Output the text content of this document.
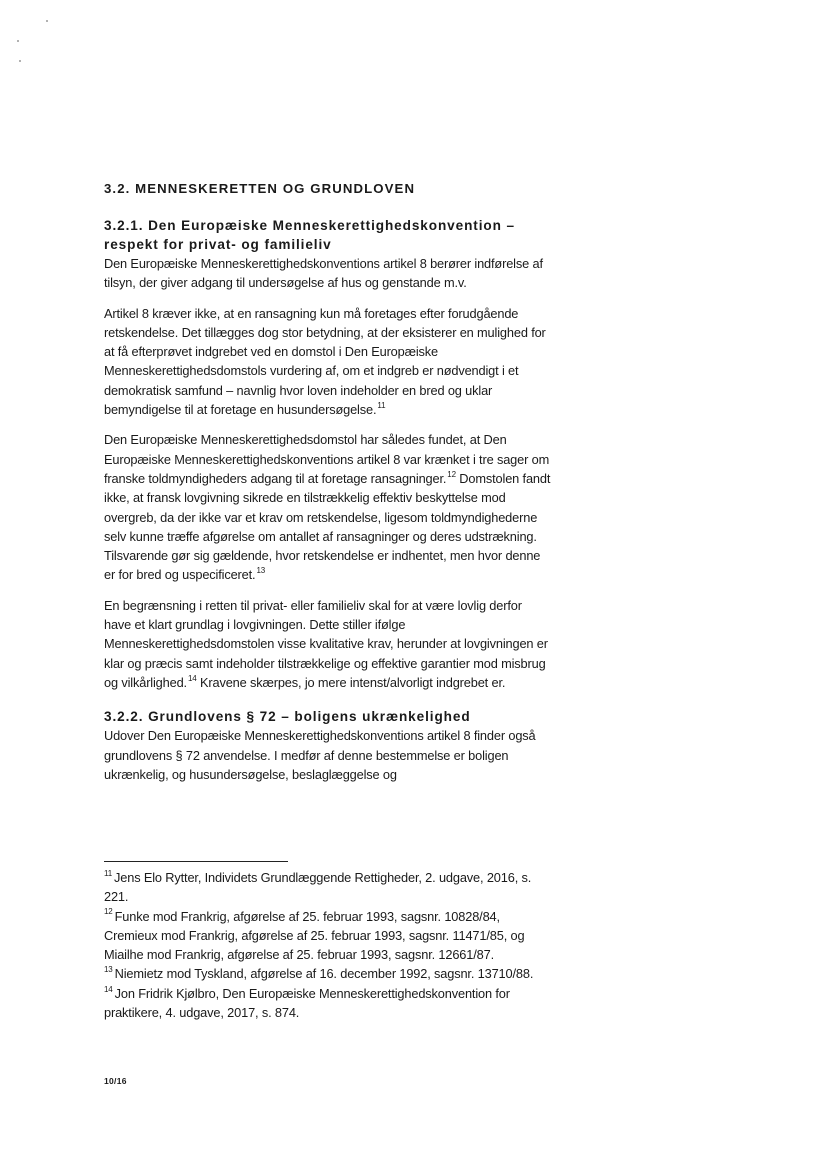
3.2. MENNESKERETTEN OG GRUNDLOVEN
3.2.1. Den Europæiske Menneskerettighedskonvention – respekt for privat- og familieliv

Den Europæiske Menneskerettighedskonventions artikel 8 berører indførelse af tilsyn, der giver adgang til undersøgelse af hus og genstande m.v.

Artikel 8 kræver ikke, at en ransagning kun må foretages efter forudgående retskendelse. Det tillægges dog stor betydning, at der eksisterer en mulighed for at få efterprøvet indgrebet ved en domstol i Den Europæiske Menneskerettighedsdomstols vurdering af, om et indgreb er nødvendigt i et demokratisk samfund – navnlig hvor loven indeholder en bred og uklar bemyndigelse til at foretage en husundersøgelse.$^{11}$

Den Europæiske Menneskerettighedsdomstol har således fundet, at Den Europæiske Menneskerettighedskonventions artikel 8 var krænket i tre sager om franske toldmyndigheders adgang til at foretage ransagninger.$^{12}$ Domstolen fandt ikke, at fransk lovgivning sikrede en tilstrækkelig effektiv beskyttelse mod overgreb, da der ikke var et krav om retskendelse, ligesom toldmyndighederne selv kunne træffe afgørelse om antallet af ransagninger og deres udstrækning. Tilsvarende gør sig gældende, hvor retskendelse er indhentet, men hvor denne er for bred og uspecificeret.$^{13}$

En begrænsning i retten til privat- eller familieliv skal for at være lovlig derfor have et klart grundlag i lovgivningen. Dette stiller ifølge Menneskerettighedsdomstolen visse kvalitative krav, herunder at lovgivningen er klar og præcis samt indeholder tilstrækkelige og effektive garantier mod misbrug og vilkårlighed.$^{14}$ Kravene skærpes, jo mere intenst/alvorligt indgrebet er.

3.2.2. Grundlovens § 72 – boligens ukrænkelighed

Udover Den Europæiske Menneskerettighedskonventions artikel 8 finder også grundlovens § 72 anvendelse. I medfør af denne bestemmelse er boligen ukrænkelig, og husundersøgelse, beslaglæggelse og

$^{11}$ Jens Elo Rytter, Individets Grundlæggende Rettigheder, 2. udgave, 2016, s. 221.

$^{12}$ Funke mod Frankrig, afgørelse af 25. februar 1993, sagsnr. 10828/84, Cremieux mod Frankrig, afgørelse af 25. februar 1993, sagsnr. 11471/85, og Miailhe mod Frankrig, afgørelse af 25. februar 1993, sagsnr. 12661/87.

$^{13}$ Niemietz mod Tyskland, afgørelse af 16. december 1992, sagsnr. 13710/88.

$^{14}$ Jon Fridrik Kjølbro, Den Europæiske Menneskerettighedskonvention for praktikere, 4. udgave, 2017, s. 874.

10/16
